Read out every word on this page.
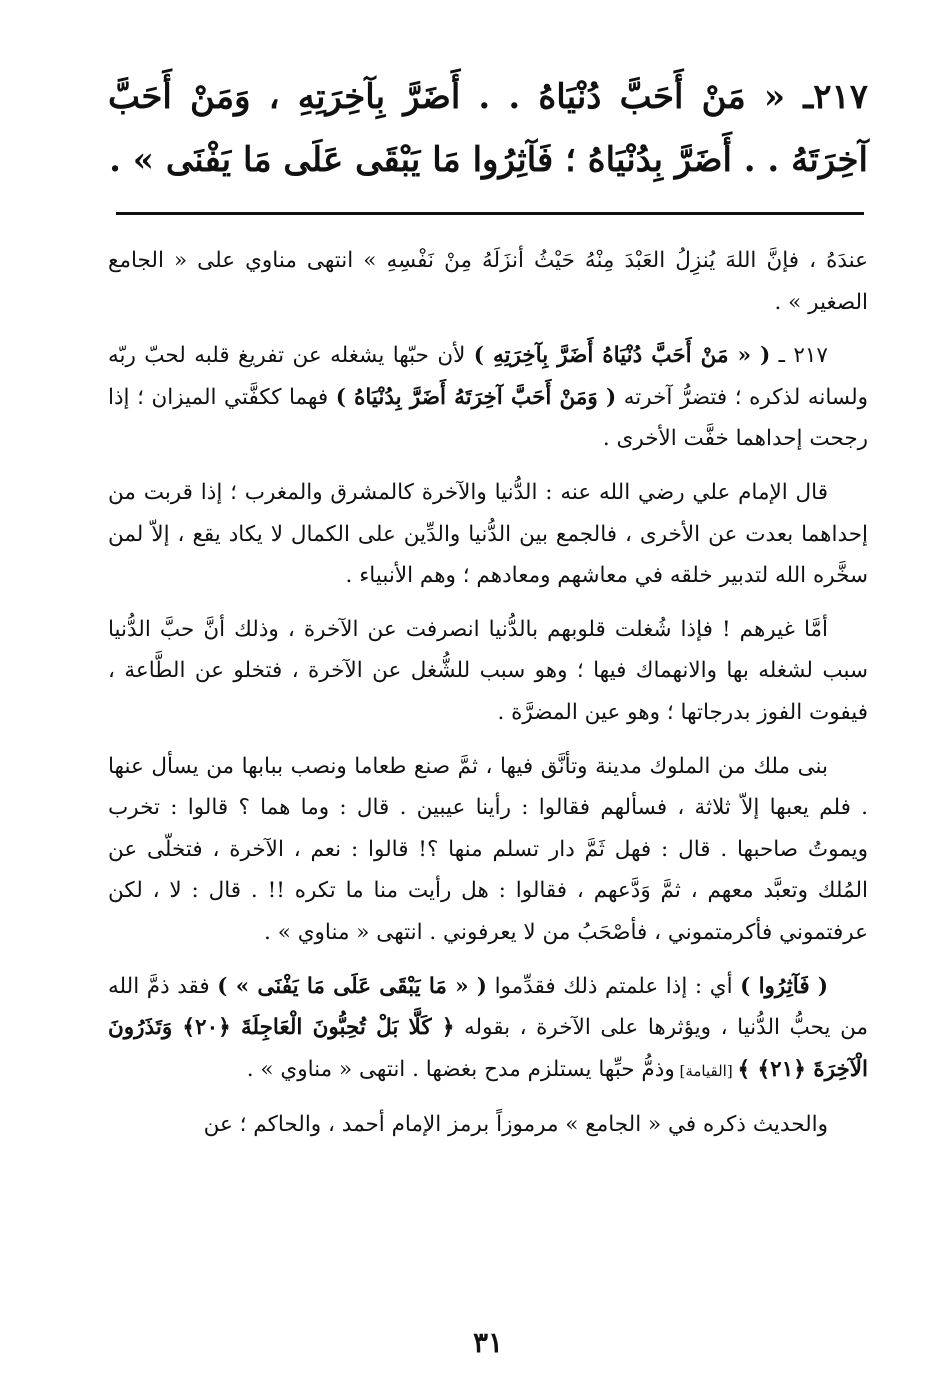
٢١٧ـ « مَنْ أَحَبَّ دُنْيَاهُ . . أَضَرَّ بِآخِرَتِهِ ، وَمَنْ أَحَبَّ آخِرَتَهُ . . أَضَرَّ بِدُنْيَاهُ ؛ فَآثِرُوا مَا يَبْقَى عَلَى مَا يَفْنَى » .

عندَهُ ، فإنَّ اللهَ يُنزِلُ العَبْدَ مِنْهُ حَيْثُ أنزَلَهُ مِنْ نَفْسِهِ » انتهى مناوي على « الجامع الصغير » .

٢١٧ ـ ( « مَنْ أَحَبَّ دُنْيَاهُ أَضَرَّ بِآخِرَتِهِ ) لأن حبّها يشغله عن تفريغ قلبه لحبّ ربّه ولسانه لذكره ؛ فتضرُّ آخرته ( وَمَنْ أَحَبَّ آخِرَتَهُ أَضَرَّ بِدُنْيَاهُ ) فهما ككفَّتي الميزان ؛ إذا رجحت إحداهما خفَّت الأخرى .

قال الإمام علي رضي الله عنه : الدُّنيا والآخرة كالمشرق والمغرب ؛ إذا قربت من إحداهما بعدت عن الأخرى ، فالجمع بين الدُّنيا والدِّين على الكمال لا يكاد يقع ، إلاّ لمن سخَّره الله لتدبير خلقه في معاشهم ومعادهم ؛ وهم الأنبياء .

أمَّا غيرهم ! فإذا شُغلت قلوبهم بالدُّنيا انصرفت عن الآخرة ، وذلك أنَّ حبَّ الدُّنيا سبب لشغله بها والانهماك فيها ؛ وهو سبب للشُّغل عن الآخرة ، فتخلو عن الطَّاعة ، فيفوت الفوز بدرجاتها ؛ وهو عين المضرَّة .

بنى ملك من الملوك مدينة وتأنَّق فيها ، ثمَّ صنع طعاما ونصب ببابها من يسأل عنها . فلم يعبها إلاّ ثلاثة ، فسألهم فقالوا : رأينا عيبين . قال : وما هما ؟ قالوا : تخرب ويموتُ صاحبها . قال : فهل ثَمَّ دار تسلم منها ؟! قالوا : نعم ، الآخرة ، فتخلّى عن المُلك وتعبَّد معهم ، ثمَّ وَدَّعهم ، فقالوا : هل رأيت منا ما تكره !! . قال : لا ، لكن عرفتموني فأكرمتموني ، فأصْحَبُ من لا يعرفوني . انتهى « مناوي » .

( فَآثِرُوا ) أي : إذا علمتم ذلك فقدِّموا ( « مَا يَبْقَى عَلَى مَا يَفْنَى » ) فقد ذمَّ الله من يحبُّ الدُّنيا ، ويؤثرها على الآخرة ، بقوله ﴿ كَلَّا بَلْ تُحِبُّونَ الْعَاجِلَةَ ﴿٢٠﴾ وَتَذَرُونَ الْآخِرَةَ ﴿٢١﴾ ﴾ [القيامة] وذمُّ حبِّها يستلزم مدح بغضها . انتهى « مناوي » .

والحديث ذكره في « الجامع » مرموزاً برمز الإمام أحمد ، والحاكم ؛ عن

٣١
